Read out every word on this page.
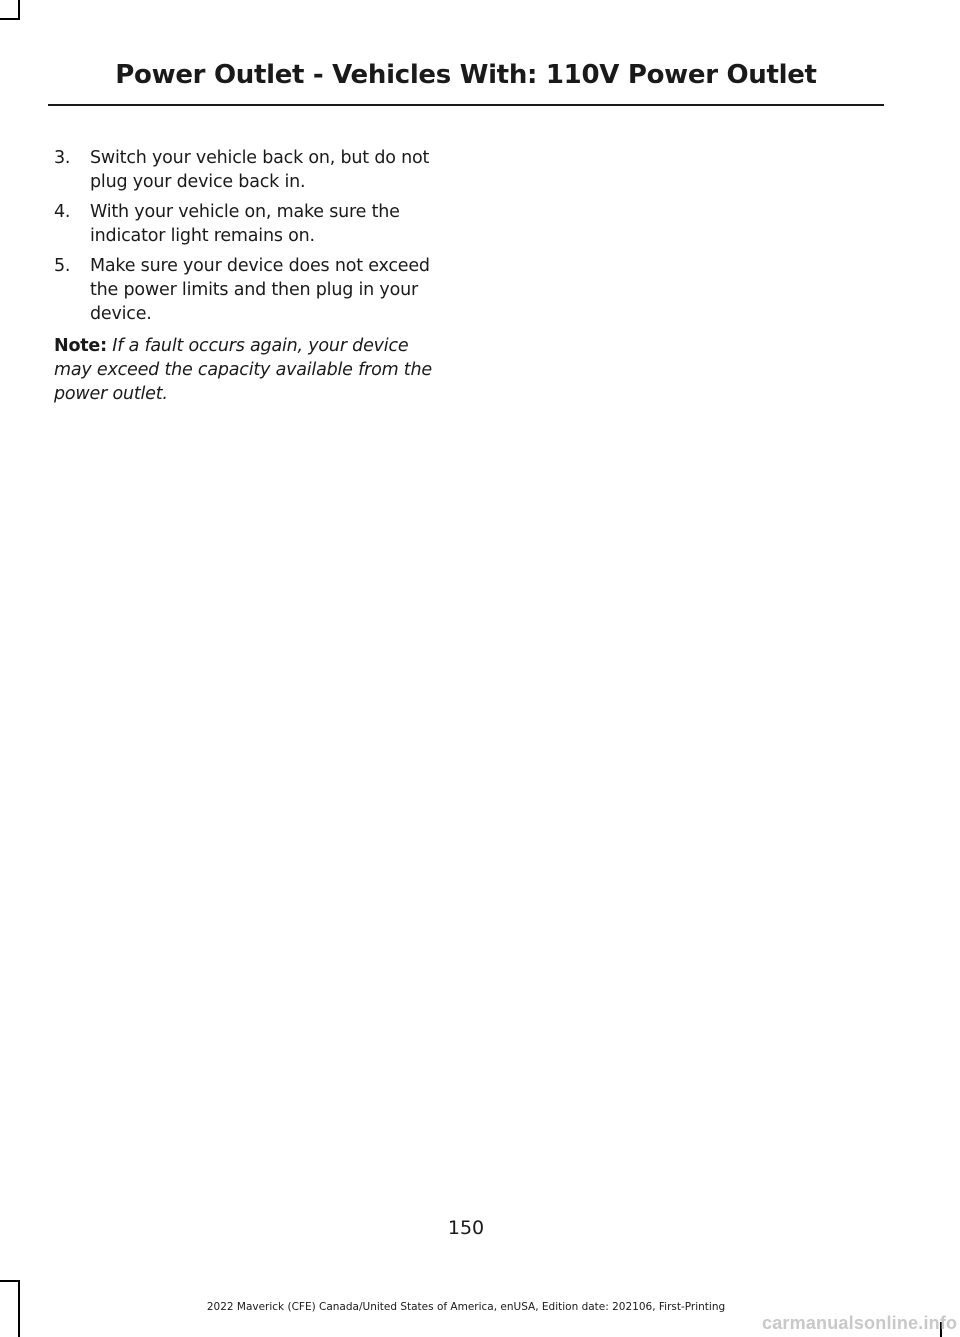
Power Outlet - Vehicles With: 110V Power Outlet
3. Switch your vehicle back on, but do not plug your device back in.
4. With your vehicle on, make sure the indicator light remains on.
5. Make sure your device does not exceed the power limits and then plug in your device.

Note: If a fault occurs again, your device may exceed the capacity available from the power outlet.

150
2022 Maverick (CFE) Canada/United States of America, enUSA, Edition date: 202106, First-Printing
carmanualsonline.info
